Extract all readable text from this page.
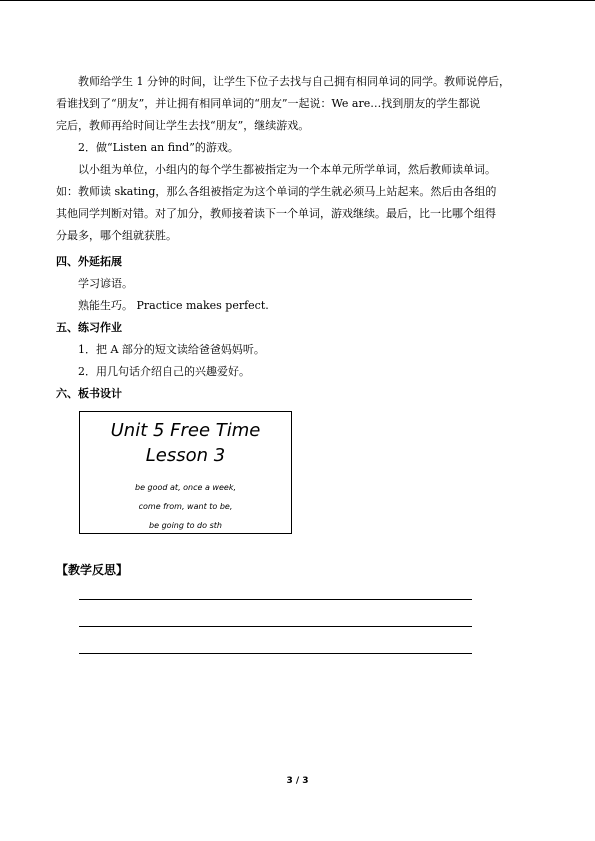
教师给学生 1 分钟的时间，让学生下位子去找与自己拥有相同单词的同学。教师说停后，
看谁找到了“朋友”，并让拥有相同单词的“朋友”一起说：We are…找到朋友的学生都说
完后，教师再给时间让学生去找“朋友”，继续游戏。
2．做“Listen an find”的游戏。
以小组为单位，小组内的每个学生都被指定为一个本单元所学单词，然后教师读单词。
如：教师读 skating，那么各组被指定为这个单词的学生就必须马上站起来。然后由各组的
其他同学判断对错。对了加分，教师接着读下一个单词，游戏继续。最后，比一比哪个组得
分最多，哪个组就获胜。
四、外延拓展
学习谚语。
熟能生巧。 Practice makes perfect.
五、练习作业
1．把 A 部分的短文读给爸爸妈妈听。
2．用几句话介绍自己的兴趣爱好。
六、板书设计
Unit 5 Free Time
Lesson 3
be good at, once a week,
come from, want to be,
be going to do sth
【教学反思】
3 / 3
